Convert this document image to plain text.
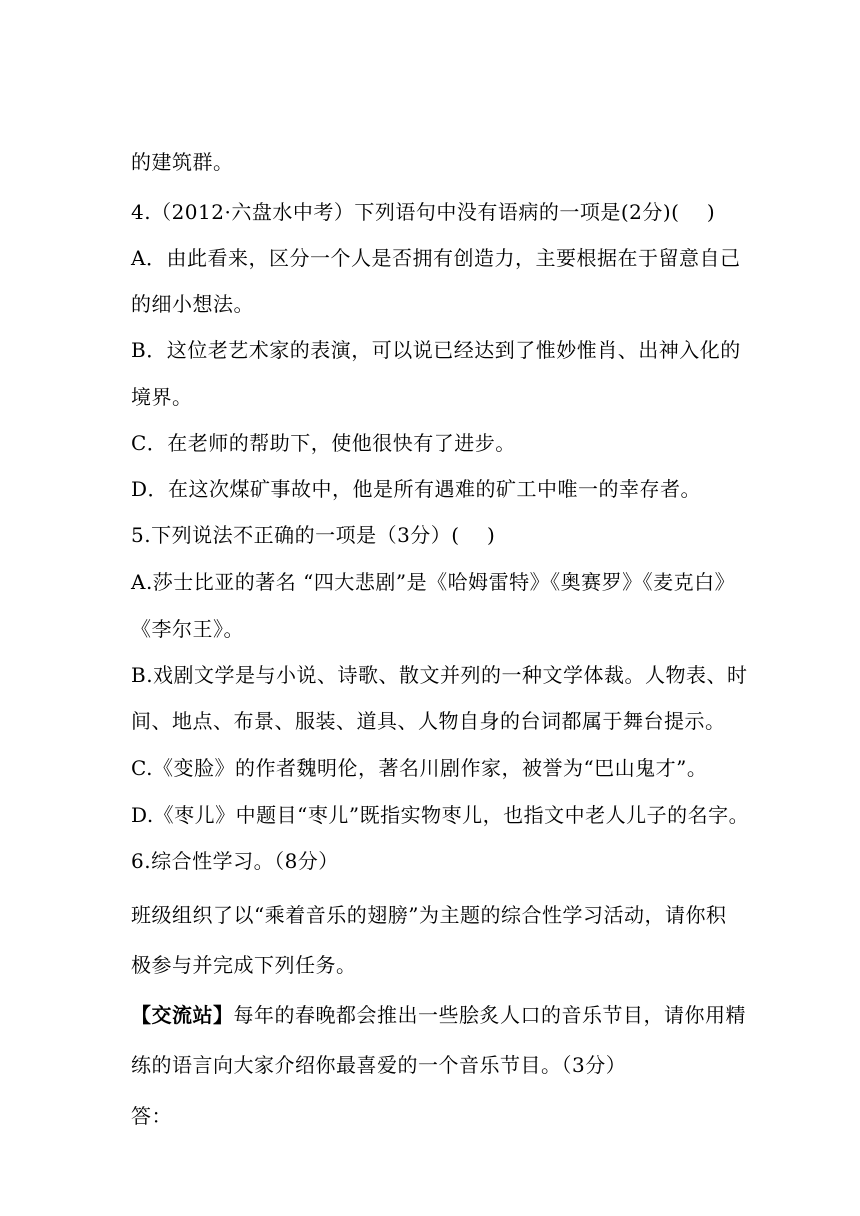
的建筑群。
4.（2012·六盘水中考）下列语句中没有语病的一项是(2分)(    )
A．由此看来，区分一个人是否拥有创造力，主要根据在于留意自己
的细小想法。
B．这位老艺术家的表演，可以说已经达到了惟妙惟肖、出神入化的
境界。
C．在老师的帮助下，使他很快有了进步。
D．在这次煤矿事故中，他是所有遇难的矿工中唯一的幸存者。
5.下列说法不正确的一项是（3分）(    )
A.莎士比亚的著名 “四大悲剧”是《哈姆雷特》《奥赛罗》《麦克白》
《李尔王》。
B.戏剧文学是与小说、诗歌、散文并列的一种文学体裁。人物表、时
间、地点、布景、服装、道具、人物自身的台词都属于舞台提示。
C.《变脸》的作者魏明伦，著名川剧作家，被誉为“巴山鬼才”。
D.《枣儿》中题目“枣儿”既指实物枣儿，也指文中老人儿子的名字。
6.综合性学习。（8分）
班级组织了以“乘着音乐的翅膀”为主题的综合性学习活动，请你积
极参与并完成下列任务。
【交流站】每年的春晚都会推出一些脍炙人口的音乐节目，请你用精
练的语言向大家介绍你最喜爱的一个音乐节目。（3分）
答：
